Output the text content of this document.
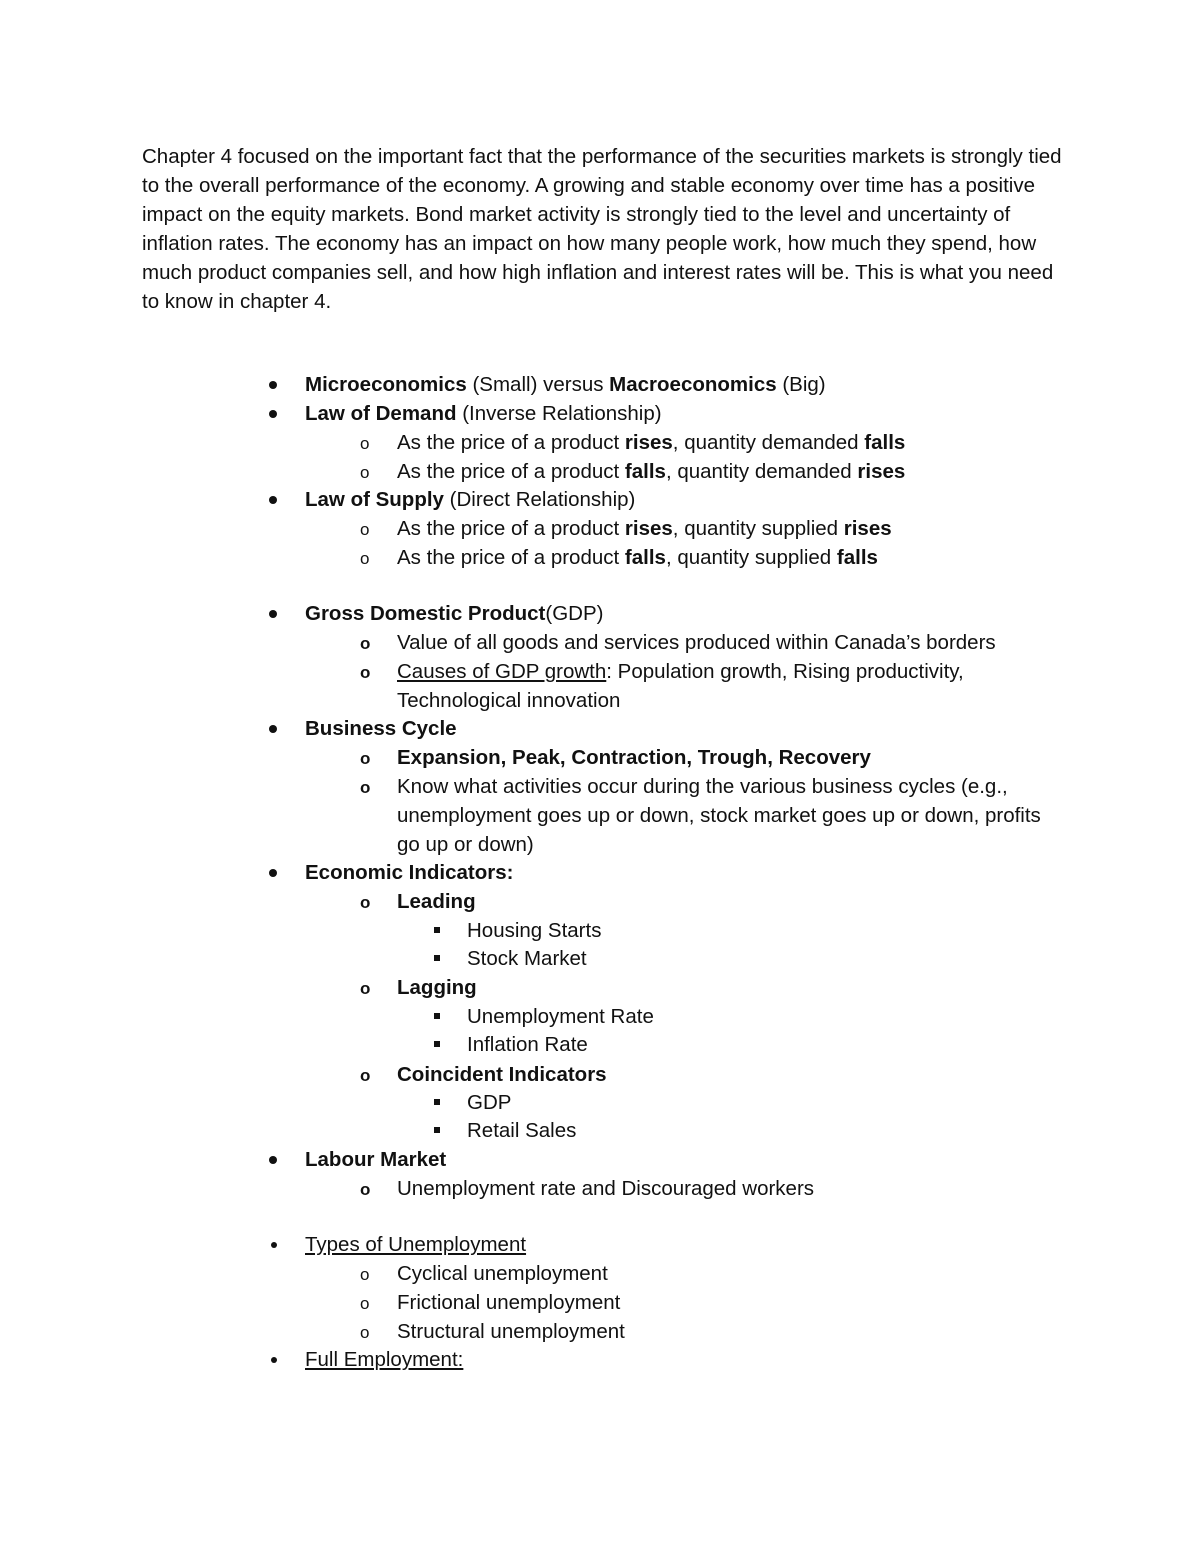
Chapter 4 focused on the important fact that the performance of the securities markets is strongly tied to the overall performance of the economy. A growing and stable economy over time has a positive impact on the equity markets. Bond market activity is strongly tied to the level and uncertainty of inflation rates. The economy has an impact on how many people work, how much they spend, how much product companies sell, and how high inflation and interest rates will be. This is what you need to know in chapter 4.

Microeconomics (Small) versus Macroeconomics (Big)
Law of Demand (Inverse Relationship)
o As the price of a product rises, quantity demanded falls
o As the price of a product falls, quantity demanded rises
Law of Supply (Direct Relationship)
o As the price of a product rises, quantity supplied rises
o As the price of a product falls, quantity supplied falls
Gross Domestic Product(GDP)
o Value of all goods and services produced within Canada’s borders
o Causes of GDP growth: Population growth, Rising productivity,
Technological innovation
Business Cycle
o Expansion, Peak, Contraction, Trough, Recovery
o Know what activities occur during the various business cycles (e.g., unemployment goes up or down, stock market goes up or down, profits go up or down)
Economic Indicators:
o Leading
Housing Starts
Stock Market
o Lagging
Unemployment Rate
Inflation Rate
o Coincident Indicators
GDP
Retail Sales
Labour Market
o Unemployment rate and Discouraged workers
Types of Unemployment
o Cyclical unemployment
o Frictional unemployment
o Structural unemployment
Full Employment:
